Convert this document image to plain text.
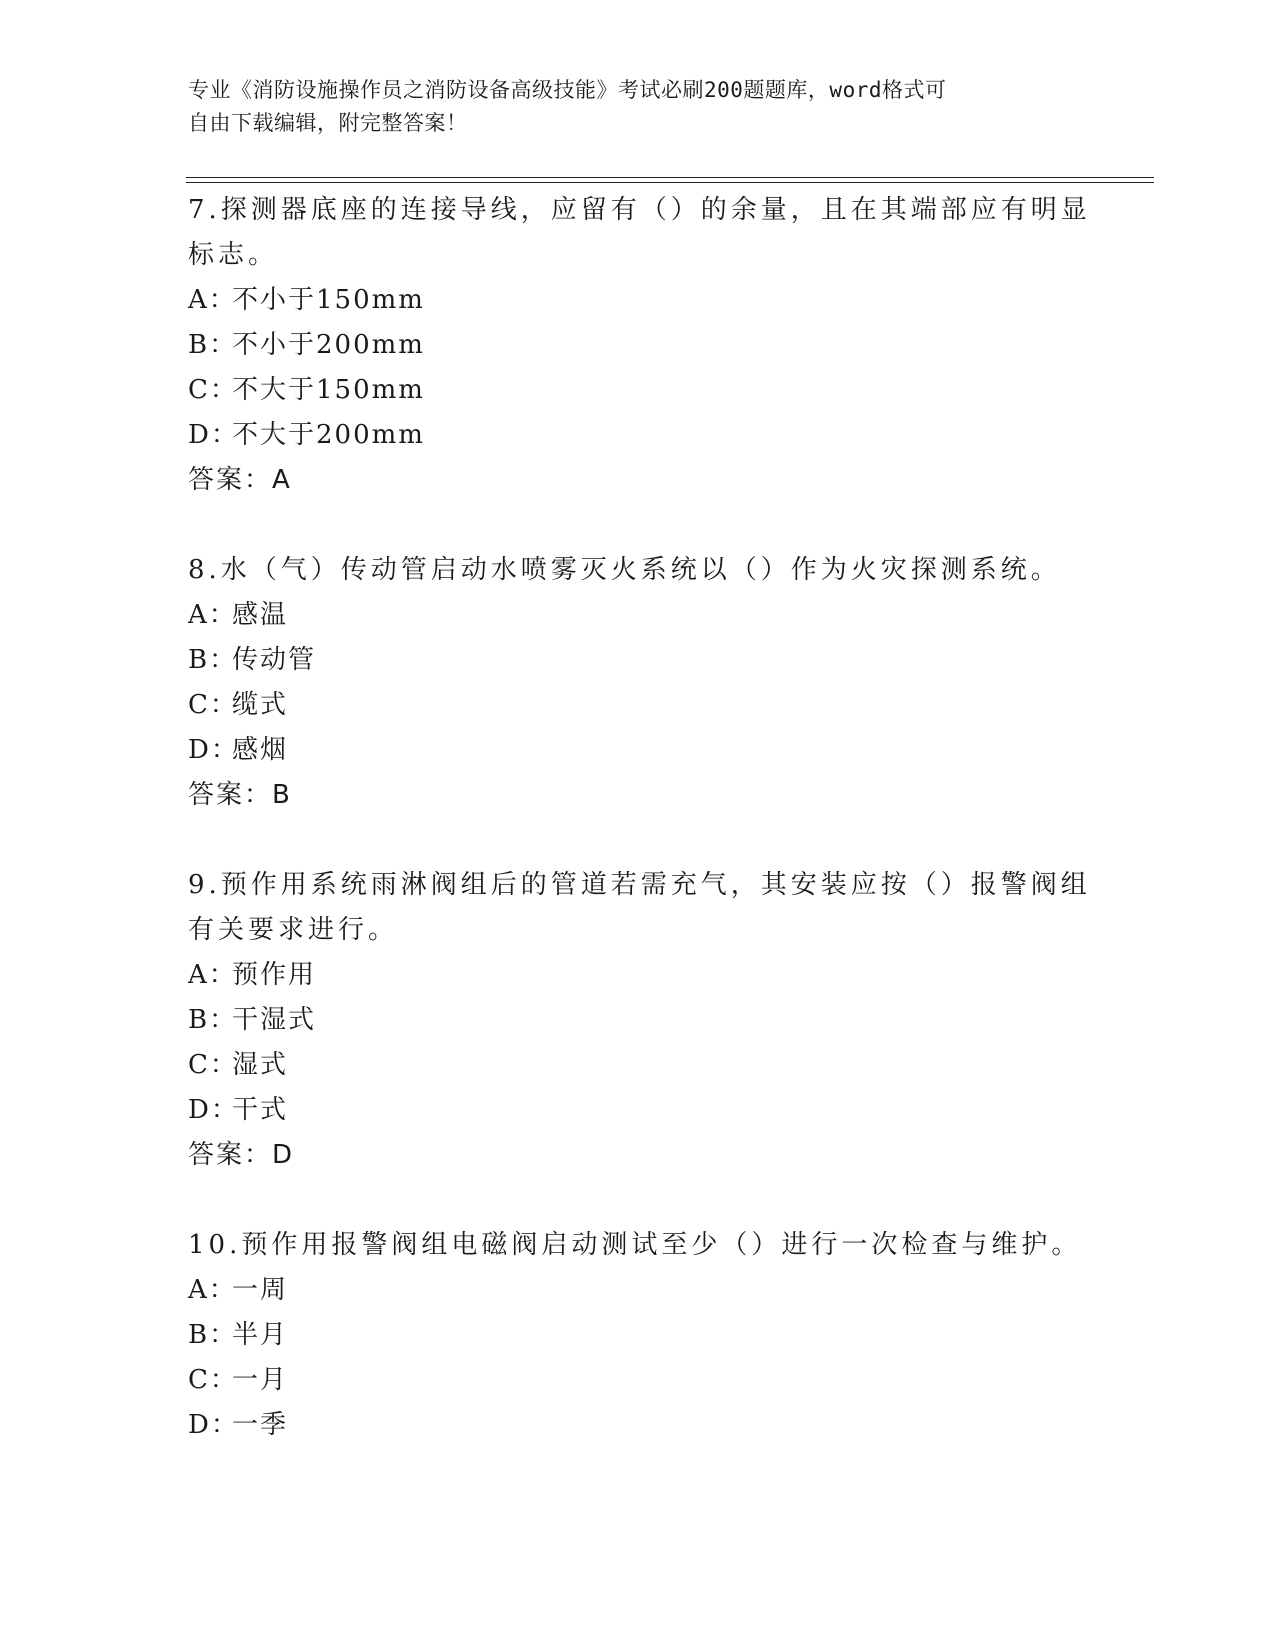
专业《消防设施操作员之消防设备高级技能》考试必刷200题题库，word格式可
自由下载编辑，附完整答案！
7.探测器底座的连接导线，应留有（）的余量，且在其端部应有明显
标志。
A：不小于150mm
B：不小于200mm
C：不大于150mm
D：不大于200mm
答案：A
8.水（气）传动管启动水喷雾灭火系统以（）作为火灾探测系统。
A：感温
B：传动管
C：缆式
D：感烟
答案：B
9.预作用系统雨淋阀组后的管道若需充气，其安装应按（）报警阀组
有关要求进行。
A：预作用
B：干湿式
C：湿式
D：干式
答案：D
10.预作用报警阀组电磁阀启动测试至少（）进行一次检查与维护。
A：一周
B：半月
C：一月
D：一季
